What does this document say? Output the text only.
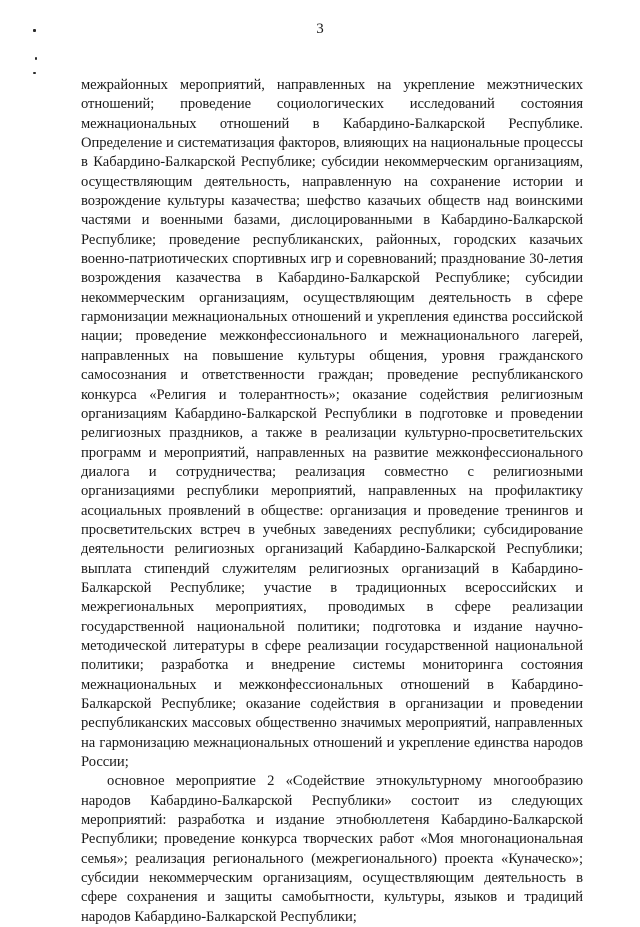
3

межрайонных мероприятий, направленных на укрепление межэтнических отношений; проведение социологических исследований состояния межнациональных отношений в Кабардино-Балкарской Республике. Определение и систематизация факторов, влияющих на национальные процессы в Кабардино-Балкарской Республике; субсидии некоммерческим организациям, осуществляющим деятельность, направленную на сохранение истории и возрождение культуры казачества; шефство казачьих обществ над воинскими частями и военными базами, дислоцированными в Кабардино-Балкарской Республике; проведение республиканских, районных, городских казачьих военно-патриотических спортивных игр и соревнований; празднование 30-летия возрождения казачества в Кабардино-Балкарской Республике; субсидии некоммерческим организациям, осуществляющим деятельность в сфере гармонизации межнациональных отношений и укрепления единства российской нации; проведение межконфессионального и межнационального лагерей, направленных на повышение культуры общения, уровня гражданского самосознания и ответственности граждан; проведение республиканского конкурса «Религия и толерантность»; оказание содействия религиозным организациям Кабардино-Балкарской Республики в подготовке и проведении религиозных праздников, а также в реализации культурно-просветительских программ и мероприятий, направленных на развитие межконфессионального диалога и сотрудничества; реализация совместно с религиозными организациями республики мероприятий, направленных на профилактику асоциальных проявлений в обществе: организация и проведение тренингов и просветительских встреч в учебных заведениях республики; субсидирование деятельности религиозных организаций Кабардино-Балкарской Республики; выплата стипендий служителям религиозных организаций в Кабардино-Балкарской Республике; участие в традиционных всероссийских и межрегиональных мероприятиях, проводимых в сфере реализации государственной национальной политики; подготовка и издание научно-методической литературы в сфере реализации государственной национальной политики; разработка и внедрение системы мониторинга состояния межнациональных и межконфессиональных отношений в Кабардино-Балкарской Республике; оказание содействия в организации и проведении республиканских массовых общественно значимых мероприятий, направленных на гармонизацию межнациональных отношений и укрепление единства народов России;

основное мероприятие 2 «Содействие этнокультурному многообразию народов Кабардино-Балкарской Республики» состоит из следующих мероприятий: разработка и издание этнобюллетеня Кабардино-Балкарской Республики; проведение конкурса творческих работ «Моя многонациональная семья»; реализация регионального (межрегионального) проекта «Куначеско»; субсидии некоммерческим организациям, осуществляющим деятельность в сфере сохранения и защиты самобытности, культуры, языков и традиций народов Кабардино-Балкарской Республики;
